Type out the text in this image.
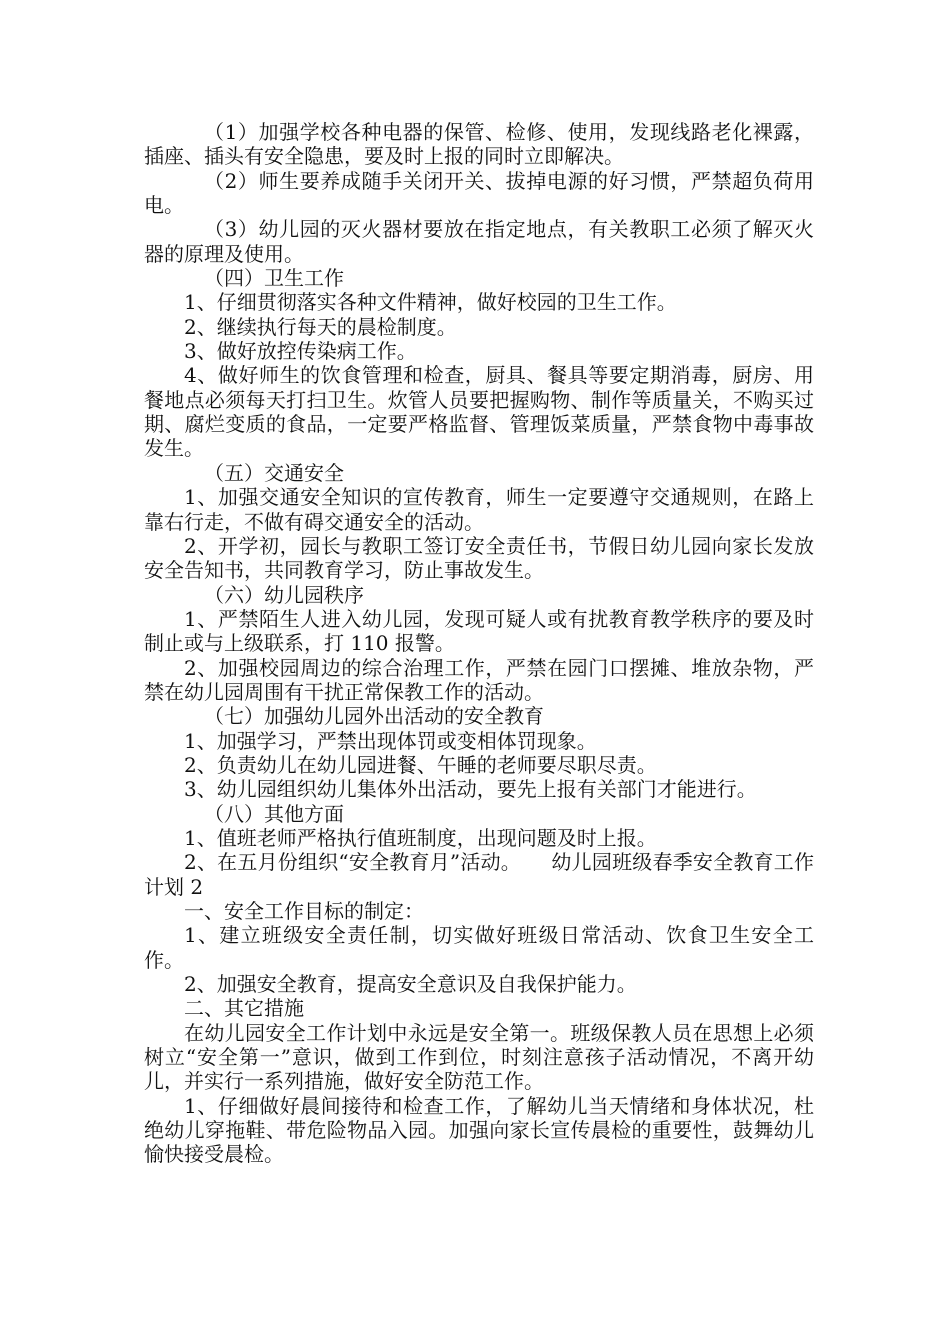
（1）加强学校各种电器的保管、检修、使用，发现线路老化裸露，插座、插头有安全隐患，要及时上报的同时立即解决。

（2）师生要养成随手关闭开关、拔掉电源的好习惯，严禁超负荷用电。

（3）幼儿园的灭火器材要放在指定地点，有关教职工必须了解灭火器的原理及使用。

（四）卫生工作

1、仔细贯彻落实各种文件精神，做好校园的卫生工作。

2、继续执行每天的晨检制度。

3、做好放控传染病工作。

4、做好师生的饮食管理和检查，厨具、餐具等要定期消毒，厨房、用餐地点必须每天打扫卫生。炊管人员要把握购物、制作等质量关，不购买过期、腐烂变质的食品，一定要严格监督、管理饭菜质量，严禁食物中毒事故发生。

（五）交通安全

1、加强交通安全知识的宣传教育，师生一定要遵守交通规则，在路上靠右行走，不做有碍交通安全的活动。

2、开学初，园长与教职工签订安全责任书，节假日幼儿园向家长发放安全告知书，共同教育学习，防止事故发生。

（六）幼儿园秩序

1、严禁陌生人进入幼儿园，发现可疑人或有扰教育教学秩序的要及时制止或与上级联系，打 110 报警。

2、加强校园周边的综合治理工作，严禁在园门口摆摊、堆放杂物，严禁在幼儿园周围有干扰正常保教工作的活动。

（七）加强幼儿园外出活动的安全教育

1、加强学习，严禁出现体罚或变相体罚现象。

2、负责幼儿在幼儿园进餐、午睡的老师要尽职尽责。

3、幼儿园组织幼儿集体外出活动，要先上报有关部门才能进行。

（八）其他方面

1、值班老师严格执行值班制度，出现问题及时上报。

2、在五月份组织“安全教育月”活动。　　幼儿园班级春季安全教育工作计划 2

一、安全工作目标的制定：

1、建立班级安全责任制，切实做好班级日常活动、饮食卫生安全工作。

2、加强安全教育，提高安全意识及自我保护能力。

二、其它措施

在幼儿园安全工作计划中永远是安全第一。班级保教人员在思想上必须树立“安全第一”意识，做到工作到位，时刻注意孩子活动情况，不离开幼儿，并实行一系列措施，做好安全防范工作。

1、仔细做好晨间接待和检查工作，了解幼儿当天情绪和身体状况，杜绝幼儿穿拖鞋、带危险物品入园。加强向家长宣传晨检的重要性，鼓舞幼儿愉快接受晨检。
